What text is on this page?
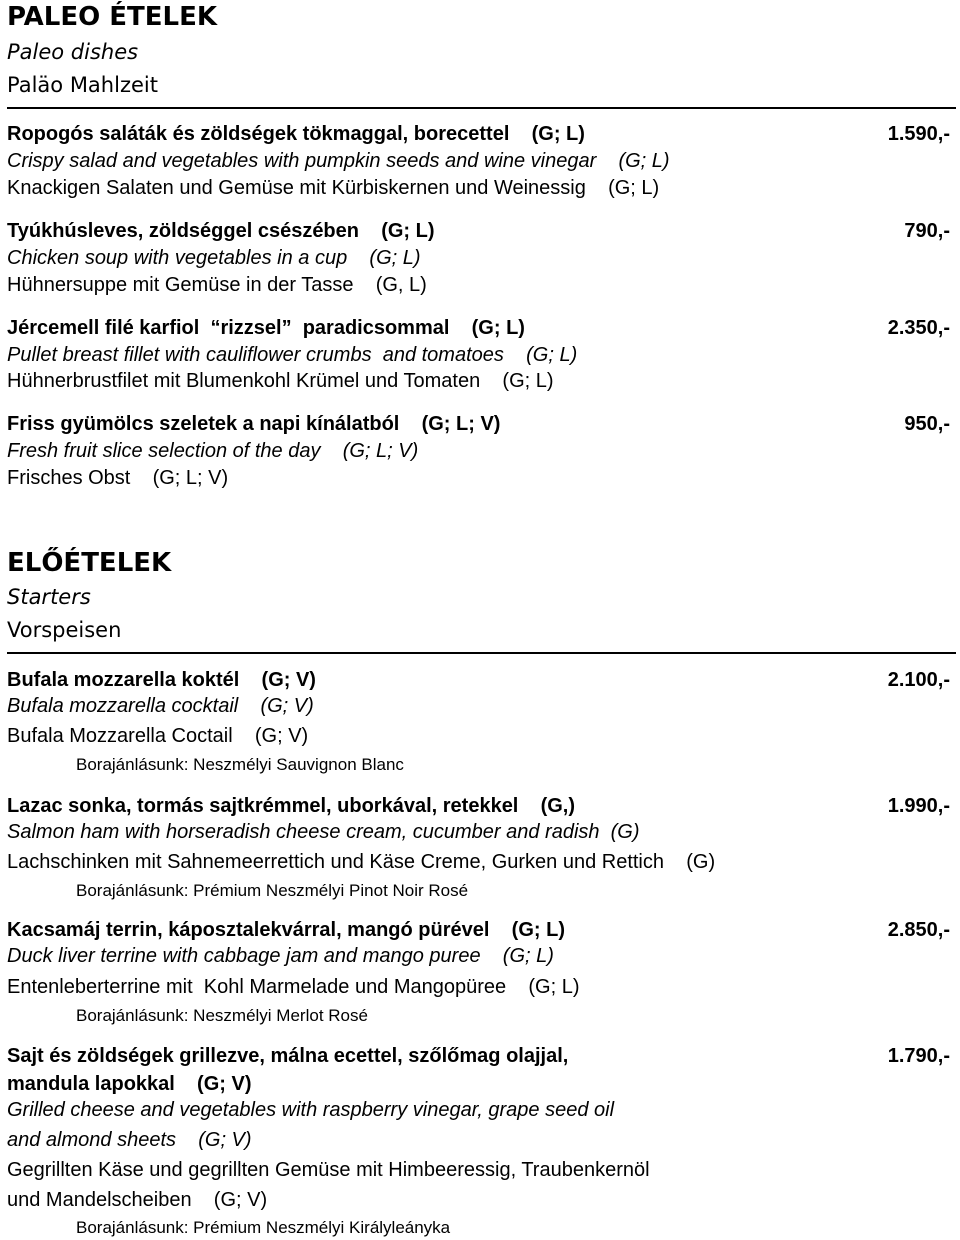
PALEO ÉTELEK
Paleo dishes
Paläo Mahlzeit
Ropogós saláták és zöldségek tökmaggal, borecettel    (G; L)	1.590,-
Crispy salad and vegetables with pumpkin seeds and wine vinegar    (G; L)
Knackigen Salaten und Gemüse mit Kürbiskernen und Weinessig    (G; L)
Tyúkhúsleves, zöldséggel csészében    (G; L)	790,-
Chicken soup with vegetables in a cup    (G; L)
Hühnersuppe mit Gemüse in der Tasse    (G, L)
Jércemell filé karfiol  “rizzsel”  paradicsommal    (G; L)	2.350,-
Pullet breast fillet with cauliflower crumbs  and tomatoes    (G; L)
Hühnerbrustfilet mit Blumenkohl Krümel und Tomaten    (G; L)
Friss gyümölcs szeletek a napi kínálatból    (G; L; V)	950,-
Fresh fruit slice selection of the day    (G; L; V)
Frisches Obst    (G; L; V)
ELŐÉTELEK
Starters
Vorspeisen
Bufala mozzarella koktél    (G; V)	2.100,-
Bufala mozzarella cocktail    (G; V)
Bufala Mozzarella Coctail    (G; V)
Borajánlásunk: Neszmélyi Sauvignon Blanc
Lazac sonka, tormás sajtkrémmel, uborkával, retekkel    (G,)	1.990,-
Salmon ham with horseradish cheese cream, cucumber and radish  (G)
Lachschinken mit Sahnemeerrettich und Käse Creme, Gurken und Rettich    (G)
Borajánlásunk: Prémium Neszmélyi Pinot Noir Rosé
Kacsamáj terrin, káposztalekvárral, mangó pürével    (G; L)	2.850,-
Duck liver terrine with cabbage jam and mango puree    (G; L)
Entenleberterrine mit  Kohl Marmelade und Mangopüree    (G; L)
Borajánlásunk: Neszmélyi Merlot Rosé
Sajt és zöldségek grillezve, málna ecettel, szőlőmag olajjal,	1.790,-
mandula lapokkal    (G; V)
Grilled cheese and vegetables with raspberry vinegar, grape seed oil
and almond sheets    (G; V)
Gegrillten Käse und gegrillten Gemüse mit Himbeeressig, Traubenkernöl
und Mandelscheiben    (G; V)
Borajánlásunk: Prémium Neszmélyi Királyleányka
